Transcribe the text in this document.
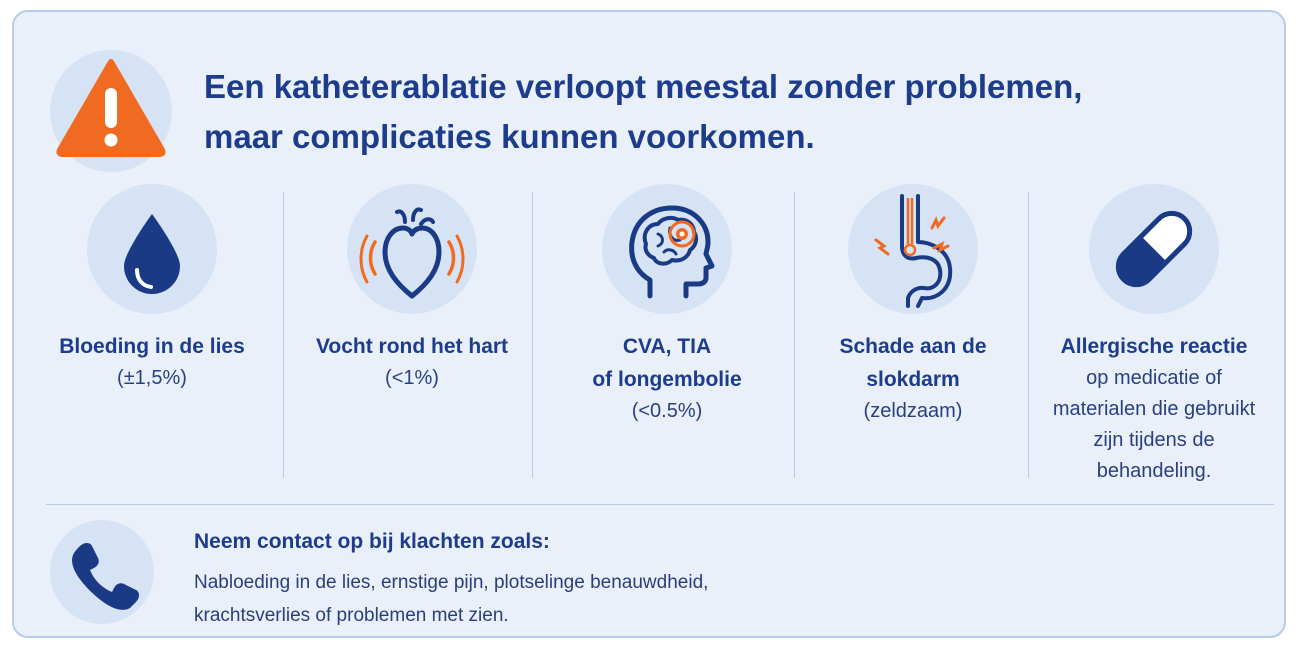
Een katheterablatie verloopt meestal zonder problemen,
maar complicaties kunnen voorkomen.
Bloeding in de lies
(±1,5%)
Vocht rond het hart
(<1%)
CVA, TIA
of longembolie
(<0.5%)
Schade aan de
slokdarm
(zeldzaam)
Allergische reactie
op medicatie of
materialen die gebruikt
zijn tijdens de
behandeling.
Neem contact op bij klachten zoals:
Nabloeding in de lies, ernstige pijn, plotselinge benauwdheid,
krachtsverlies of problemen met zien.
